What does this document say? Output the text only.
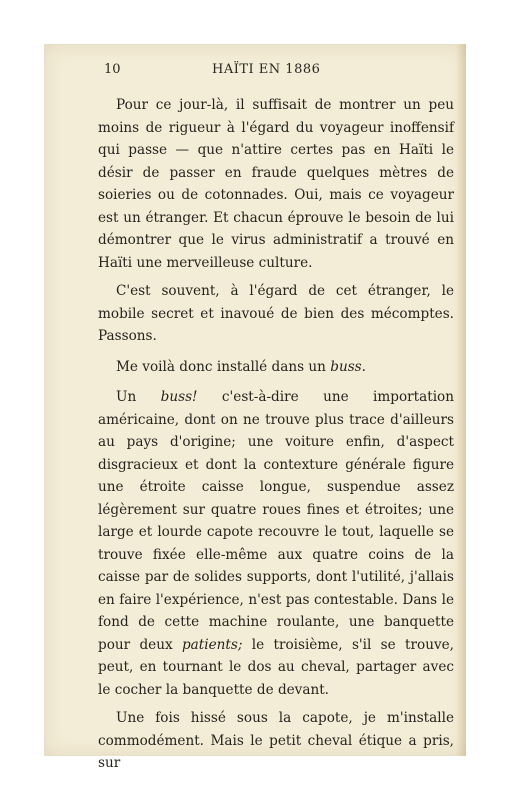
10	HAÏTI EN 1886

Pour ce jour-là, il suffisait de montrer un peu moins de rigueur à l'égard du voyageur inoffensif qui passe — que n'attire certes pas en Haïti le désir de passer en fraude quelques mètres de soieries ou de cotonnades. Oui, mais ce voyageur est un étranger. Et chacun éprouve le besoin de lui démontrer que le virus administratif a trouvé en Haïti une merveilleuse culture.

C'est souvent, à l'égard de cet étranger, le mobile secret et inavoué de bien des mécomptes. Passons.

Me voilà donc installé dans un buss.

Un buss! c'est-à-dire une importation américaine, dont on ne trouve plus trace d'ailleurs au pays d'origine; une voiture enfin, d'aspect disgracieux et dont la contexture générale figure une étroite caisse longue, suspendue assez légèrement sur quatre roues fines et étroites; une large et lourde capote recouvre le tout, laquelle se trouve fixée elle-même aux quatre coins de la caisse par de solides supports, dont l'utilité, j'allais en faire l'expérience, n'est pas contestable. Dans le fond de cette machine roulante, une banquette pour deux patients; le troisième, s'il se trouve, peut, en tournant le dos au cheval, partager avec le cocher la banquette de devant.

Une fois hissé sous la capote, je m'installe commodément. Mais le petit cheval étique a pris, sur
